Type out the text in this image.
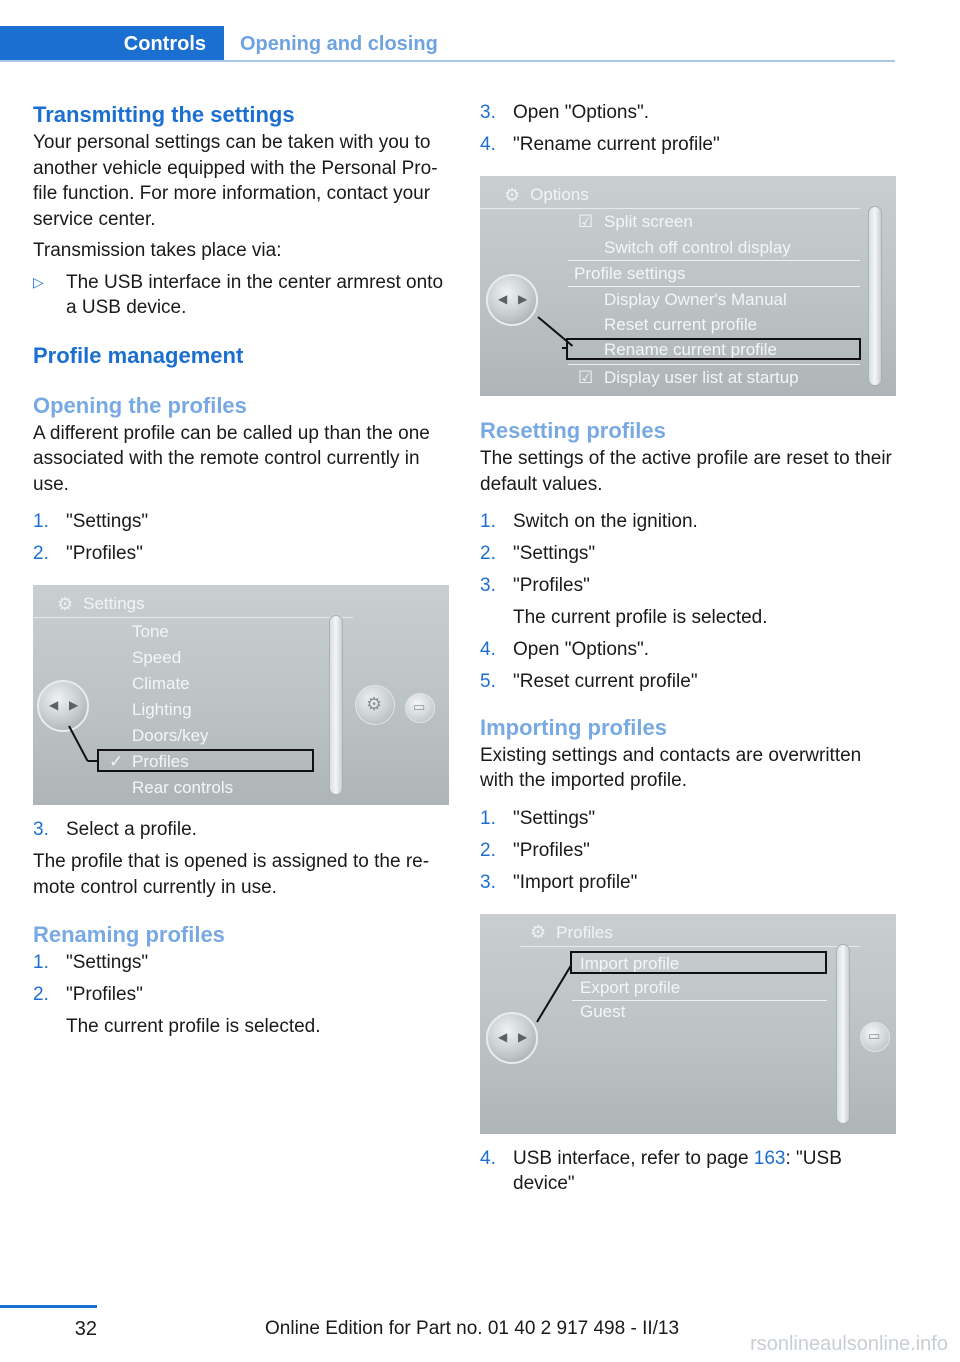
Controls Opening and closing
Transmitting the settings

Your personal settings can be taken with you to another vehicle equipped with the Personal Pro-file function. For more information, contact your service center.

Transmission takes place via:

▷ The USB interface in the center armrest onto a USB device.
Profile management
Opening the profiles

A different profile can be called up than the one associated with the remote control currently in use.

1. "Settings"
2. "Profiles"
⚙ Settings
Tone
Speed
Climate
Lighting
Doors/key
✓ Profiles
Rear controls
◀ ▶	⚙ ▭
3. Select a profile.

The profile that is opened is assigned to the re-mote control currently in use.

Renaming profiles
1. "Settings"
2. "Profiles"
The current profile is selected.
3. Open "Options".
4. "Rename current profile"
⚙ Options
☑ Split screen
Switch off control display
Profile settings
Display Owner's Manual
Reset current profile
Rename current profile
☑ Display user list at startup
◀ ▶
Resetting profiles

The settings of the active profile are reset to their default values.

1. Switch on the ignition.
2. "Settings"
3. "Profiles"
The current profile is selected.
4. Open "Options".
5. "Reset current profile"
Importing profiles

Existing settings and contacts are overwritten with the imported profile.

1. "Settings"
2. "Profiles"
3. "Import profile"
⚙ Profiles
Import profile
Export profile
Guest
◀ ▶	▭
4. USB interface, refer to page 163: "USB device"
32	Online Edition for Part no. 01 40 2 917 498 - II/13
rsonlineaulsonline.info
